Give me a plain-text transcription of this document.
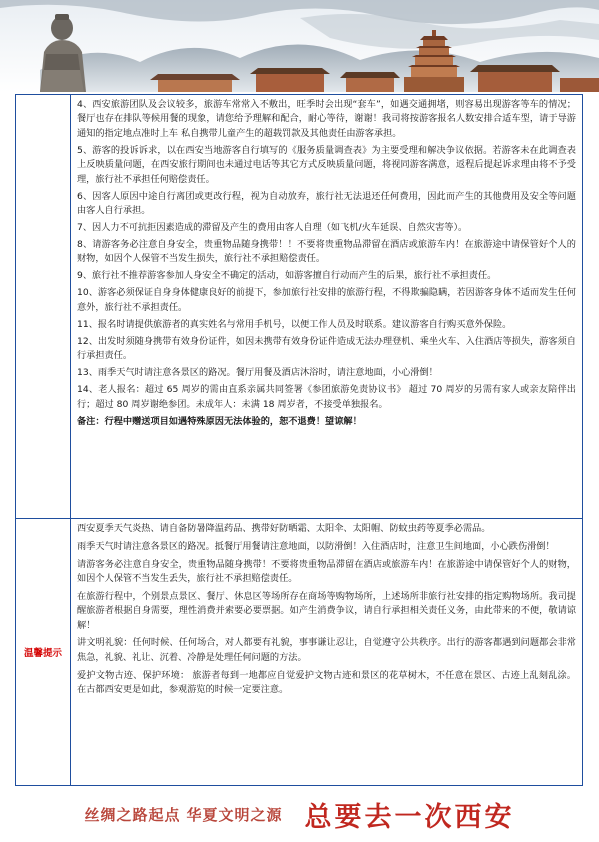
4、西安旅游团队及会议较多，旅游车常常入不敷出，旺季时会出现“套车”，如遇交通拥堵，则容易出现游客等车的情况；餐厅也存在排队等候用餐的现象，请您给予理解和配合，耐心等待，谢谢！我司将按游客报名人数安排合适车型，请于导游通知的指定地点准时上车 私自携带儿童产生的超载罚款及其他责任由游客承担。

5、游客的投诉诉求，以在西安当地游客自行填写的《服务质量调查表》为主要受理和解决争议依据。若游客未在此调查表上反映质量问题，在西安旅行期间也未通过电话等其它方式反映质量问题，将视同游客满意，返程后提起诉求理由将不予受理，旅行社不承担任何赔偿责任。

6、因客人原因中途自行离团或更改行程，视为自动放弃，旅行社无法退还任何费用，因此而产生的其他费用及安全等问题由客人自行承担。

7、因人力不可抗拒因素造成的滞留及产生的费用由客人自理（如飞机/火车延误、自然灾害等）。

8、请游客务必注意自身安全，贵重物品随身携带！！不要将贵重物品滞留在酒店或旅游车内！在旅游途中请保管好个人的财物，如因个人保管不当发生损失，旅行社不承担赔偿责任。

9、旅行社不推荐游客参加人身安全不确定的活动，如游客擅自行动而产生的后果，旅行社不承担责任。

10、游客必须保证自身身体健康良好的前提下，参加旅行社安排的旅游行程，不得欺骗隐瞒，若因游客身体不适而发生任何意外，旅行社不承担责任。

11、报名时请提供旅游者的真实姓名与常用手机号，以便工作人员及时联系。建议游客自行购买意外保险。

12、出发时须随身携带有效身份证件，如因未携带有效身份证件造成无法办理登机、乘坐火车、入住酒店等损失，游客须自行承担责任。

13、雨季天气时请注意各景区的路况。餐厅用餐及酒店沐浴时，请注意地面，小心滑倒！

14、老人报名：超过 65 周岁的需由直系亲属共同签署《参团旅游免责协议书》 超过 70 周岁的另需有家人或亲友陪伴出行；超过 80 周岁谢绝参团。未成年人：未满 18 周岁者，不接受单独报名。

备注：行程中赠送项目如遇特殊原因无法体验的，恕不退费！望谅解！

温馨提示

西安夏季天气炎热、请自备防暑降温药品、携带好防晒霜、太阳伞、太阳帽、防蚊虫药等夏季必需品。

雨季天气时请注意各景区的路况。抵餐厅用餐请注意地面，以防滑倒！入住酒店时，注意卫生间地面，小心跌伤滑倒！

请游客务必注意自身安全，贵重物品随身携带！不要将贵重物品滞留在酒店或旅游车内！在旅游途中请保管好个人的财物，如因个人保管不当发生丢失，旅行社不承担赔偿责任。

在旅游行程中，个别景点景区、餐厅、休息区等场所存在商场等购物场所，上述场所非旅行社安排的指定购物场所。我司提醒旅游者根据自身需要，理性消费并索要必要票据。如产生消费争议，请自行承担相关责任义务，由此带来的不便，敬请谅解！

讲文明礼貌：任何时候、任何场合，对人都要有礼貌，事事谦让忍让，自觉遵守公共秩序。出行的游客都遇到问题都会非常焦急，礼貌、礼让、沉着、冷静是处理任何问题的方法。

爱护文物古迹、保护环境： 旅游者每到一地都应自觉爱护文物古迹和景区的花草树木，不任意在景区、古迹上乱刻乱涂。在古都西安更是如此，参观游览的时候一定要注意。

丝绸之路起点 华夏文明之源 总要去一次西安
